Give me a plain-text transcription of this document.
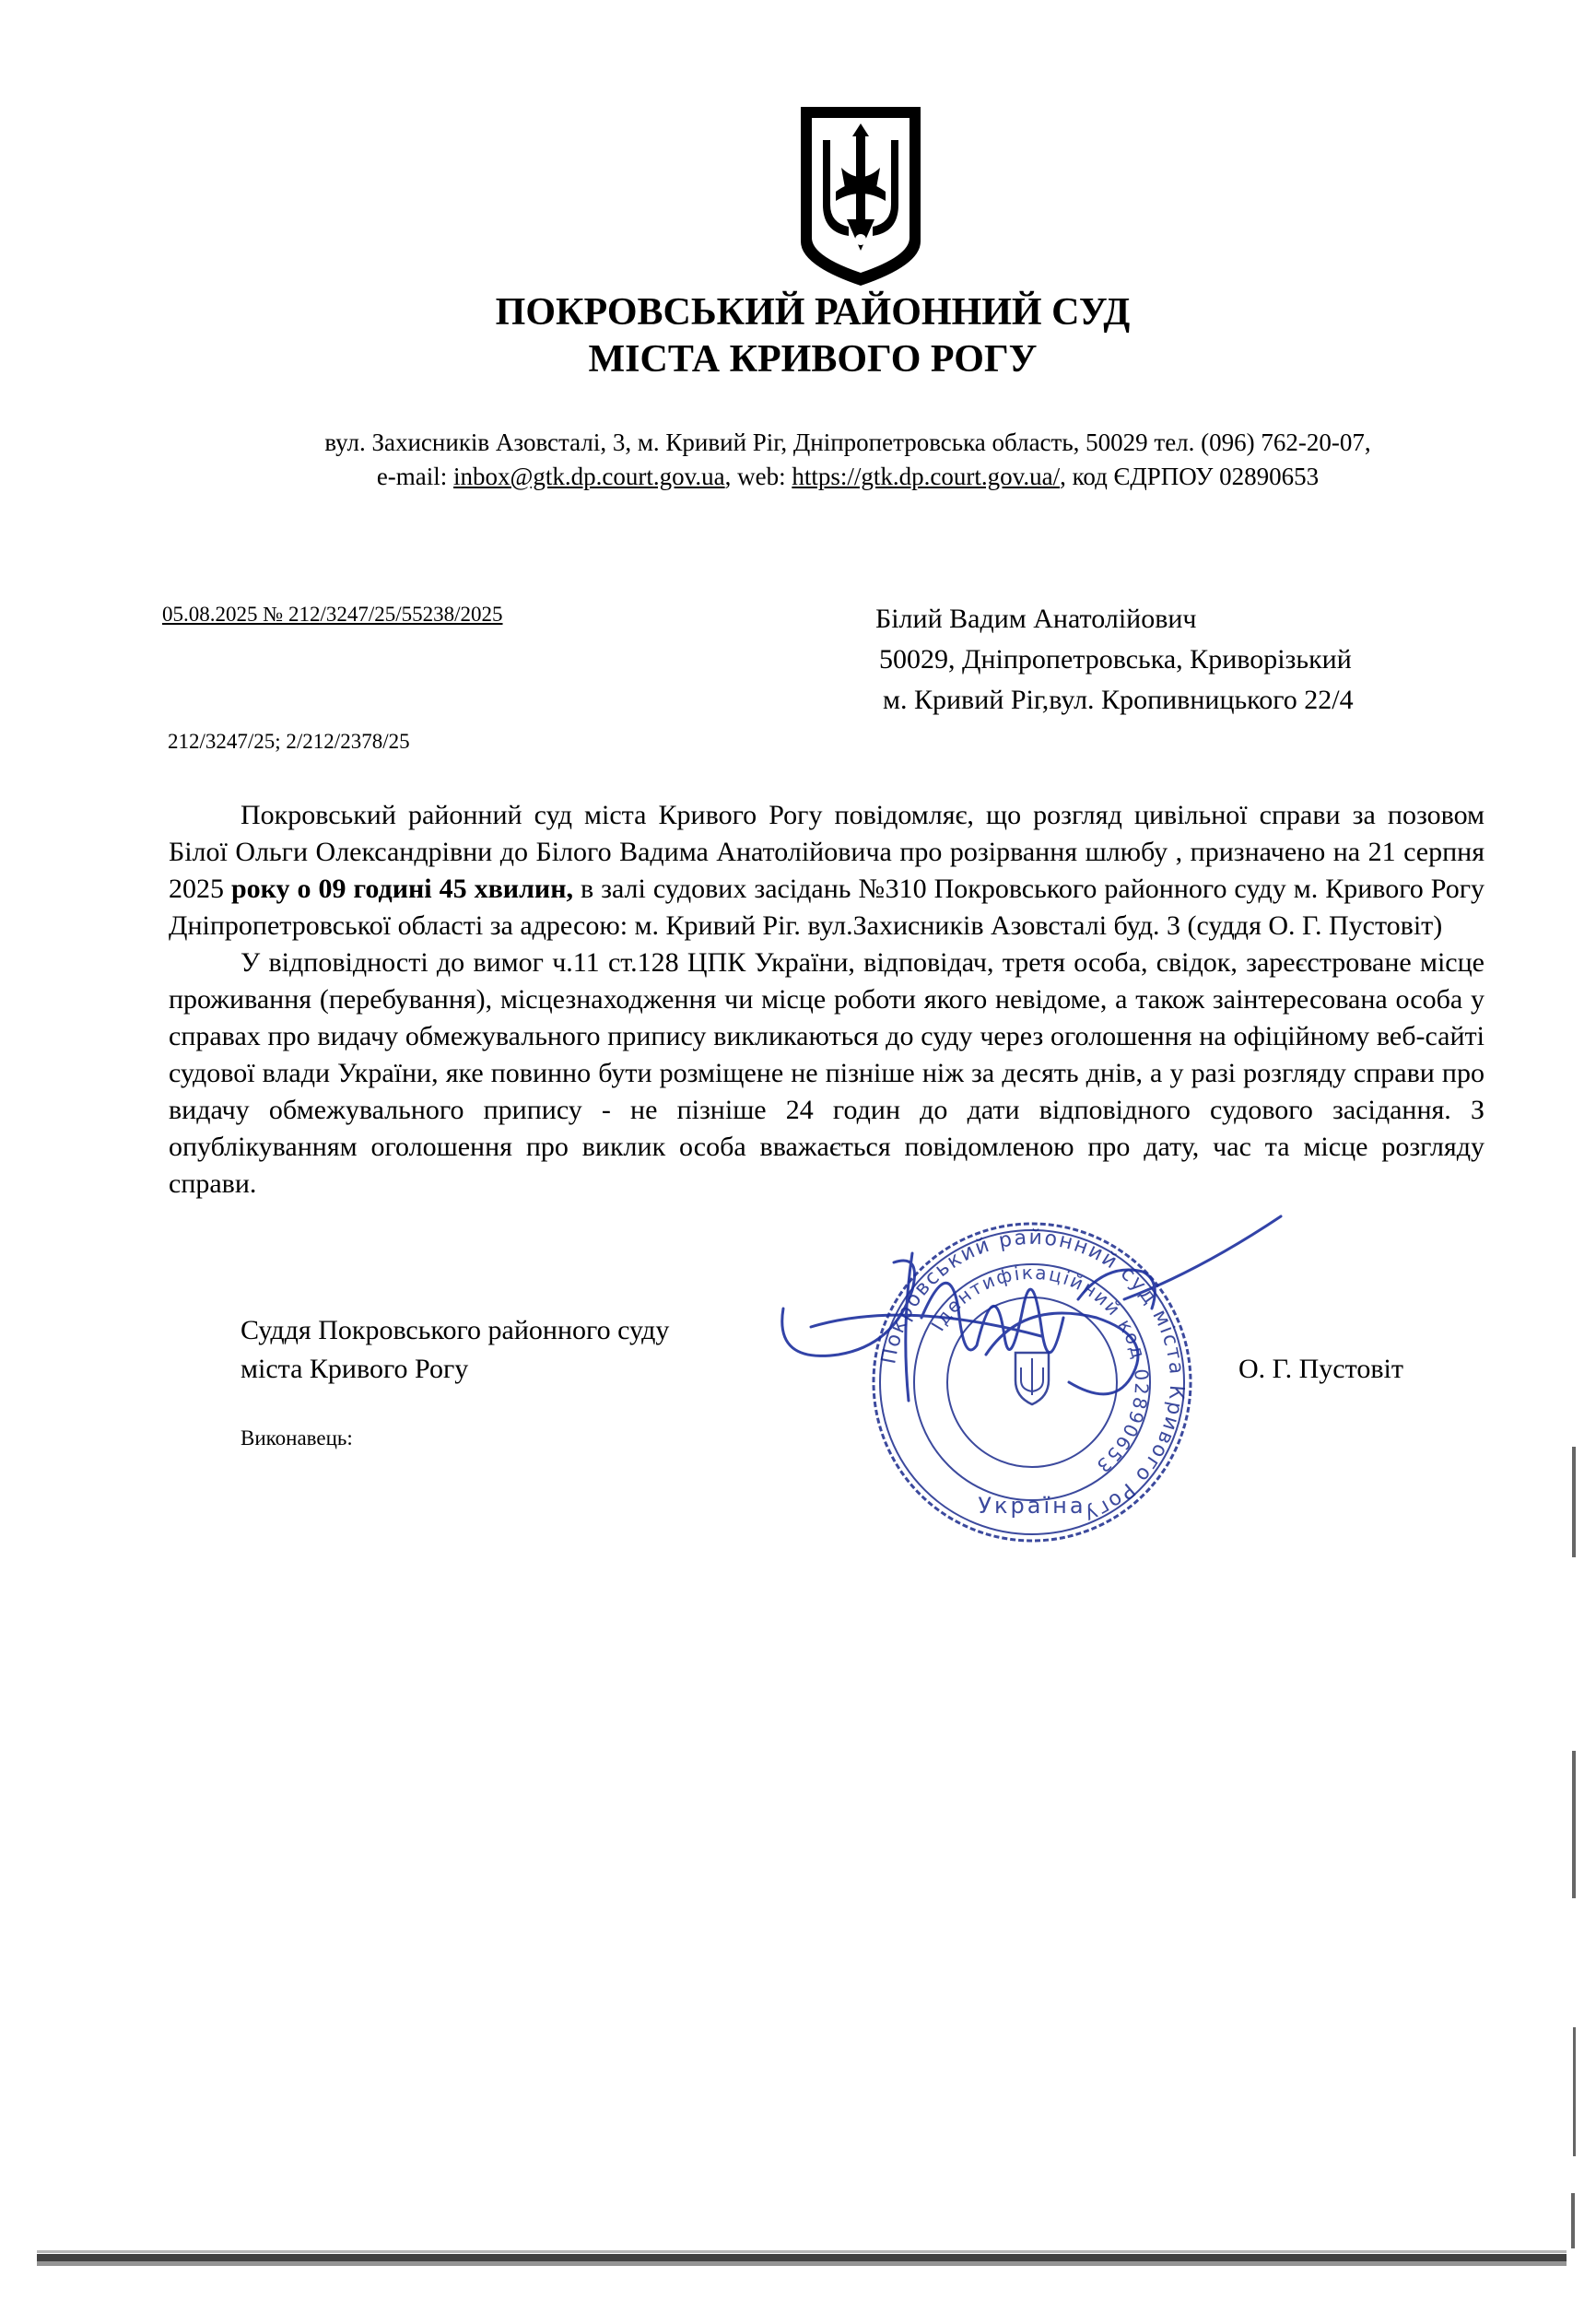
ПОКРОВСЬКИЙ РАЙОННИЙ СУД
МІСТА КРИВОГО РОГУ
вул. Захисників Азовсталі, 3, м. Кривий Ріг, Дніпропетровська область, 50029 тел. (096) 762-20-07,
e-mail: inbox@gtk.dp.court.gov.ua, web: https://gtk.dp.court.gov.ua/, код ЄДРПОУ 02890653
05.08.2025 № 212/3247/25/55238/2025
212/3247/25; 2/212/2378/25
Білий Вадим Анатолійович
50029, Дніпропетровська, Криворізький
м. Кривий Ріг,вул. Кропивницького 22/4

Покровський районний суд міста Кривого Рогу повідомляє, що розгляд цивільної справи за позовом Білої Ольги Олександрівни до Білого Вадима Анатолійовича про розірвання шлюбу , призначено на 21 серпня 2025 року о 09 годині 45 хвилин, в залі судових засідань №310 Покровського районного суду м. Кривого Рогу Дніпропетровської області за адресою: м. Кривий Ріг. вул.Захисників Азовсталі буд. 3 (суддя О. Г. Пустовіт)

У відповідності до вимог ч.11 ст.128 ЦПК України, відповідач, третя особа, свідок, зареєстроване місце проживання (перебування), місцезнаходження чи місце роботи якого невідоме, а також заінтересована особа у справах про видачу обмежувального припису викликаються до суду через оголошення на офіційному веб-сайті судової влади України, яке повинно бути розміщене не пізніше ніж за десять днів, а у разі розгляду справи про видачу обмежувального припису - не пізніше 24 годин до дати відповідного судового засідання. З опублікуванням оголошення про виклик особа вважається повідомленою про дату, час та місце розгляду справи.

Суддя Покровського районного суду
міста Кривого Рогу	О. Г. Пустовіт
Виконавець:
Покровський районний суд міста Кривого Рогу
Ідентифікаційний код 02890653
Україна
